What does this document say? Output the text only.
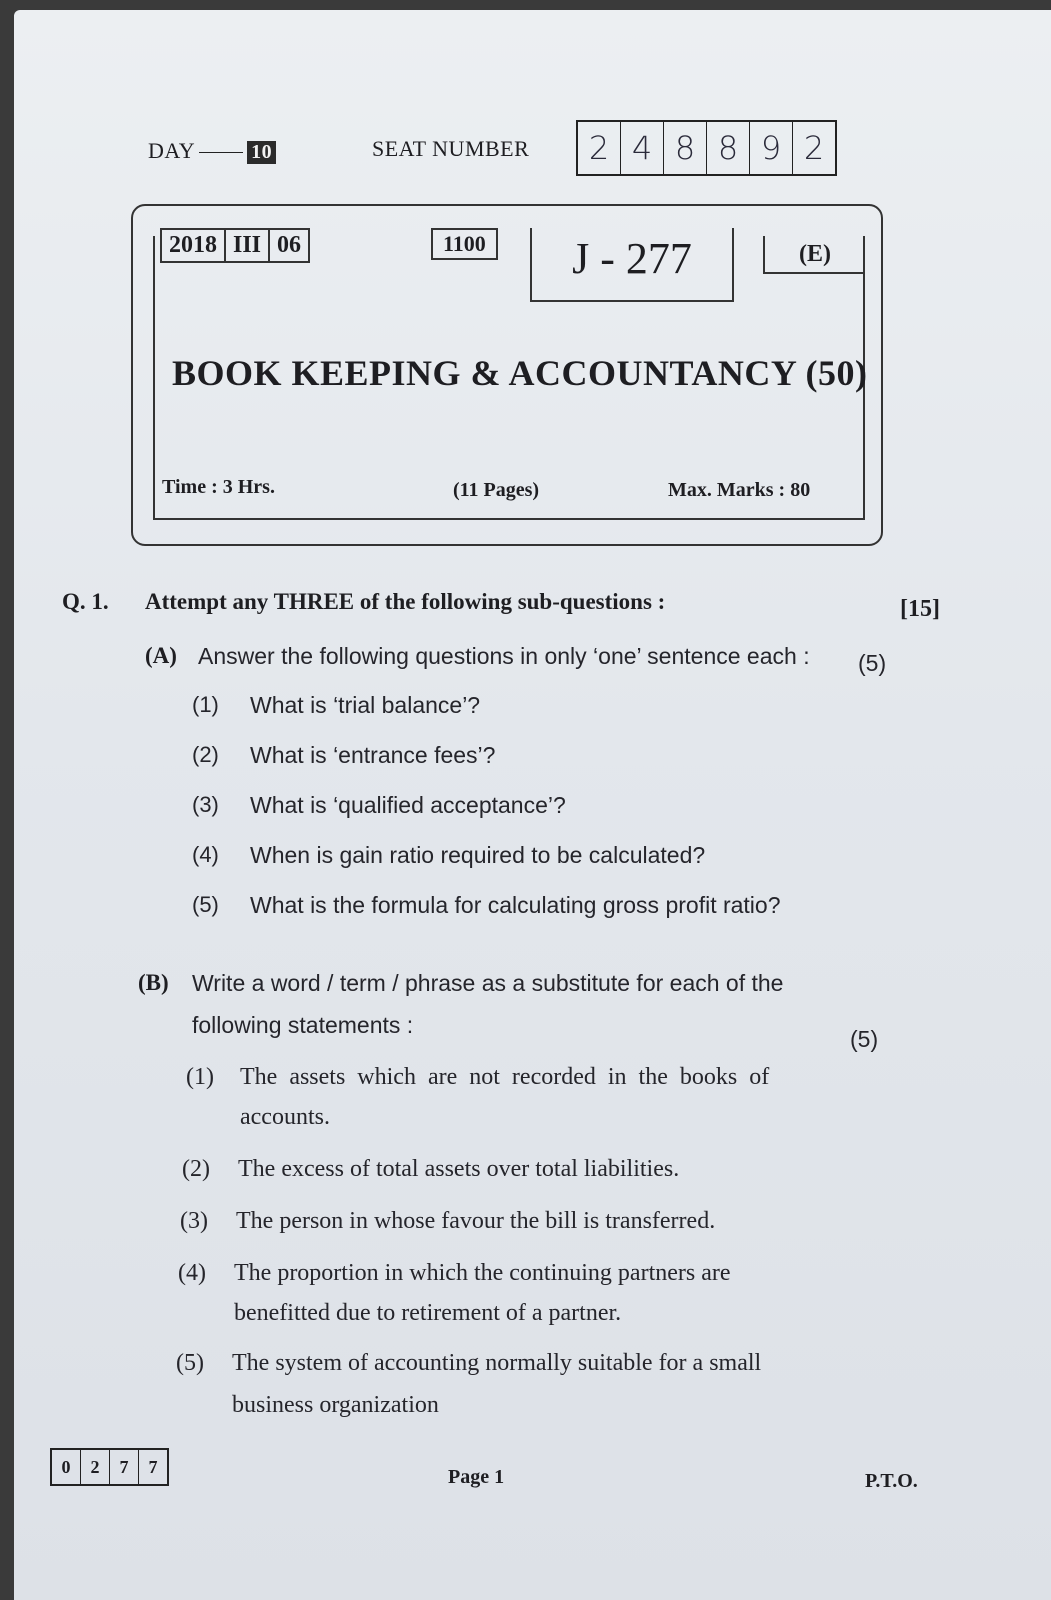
DAY	10	SEAT NUMBER	2 4 8 8 9 2
2018 III 06	1100	J - 277	(E)
BOOK KEEPING & ACCOUNTANCY (50)
Time : 3 Hrs.	(11 Pages)	Max. Marks : 80
Q. 1. Attempt any THREE of the following sub-questions :	[15]
(A) Answer the following questions in only ‘one’ sentence each : (5)
(1) What is ‘trial balance’?
(2) What is ‘entrance fees’?
(3) What is ‘qualified acceptance’?
(4) When is gain ratio required to be calculated?
(5) What is the formula for calculating gross profit ratio?
(B) Write a word / term / phrase as a substitute for each of the
following statements :
(5)
(1) The assets which are not recorded in the books of
accounts.
(2) The excess of total assets over total liabilities.
(3) The person in whose favour the bill is transferred.
(4) The proportion in which the continuing partners are
benefitted due to retirement of a partner.
(5) The system of accounting normally suitable for a small
business organization
0	2	7	7	Page 1	P.T.O.
